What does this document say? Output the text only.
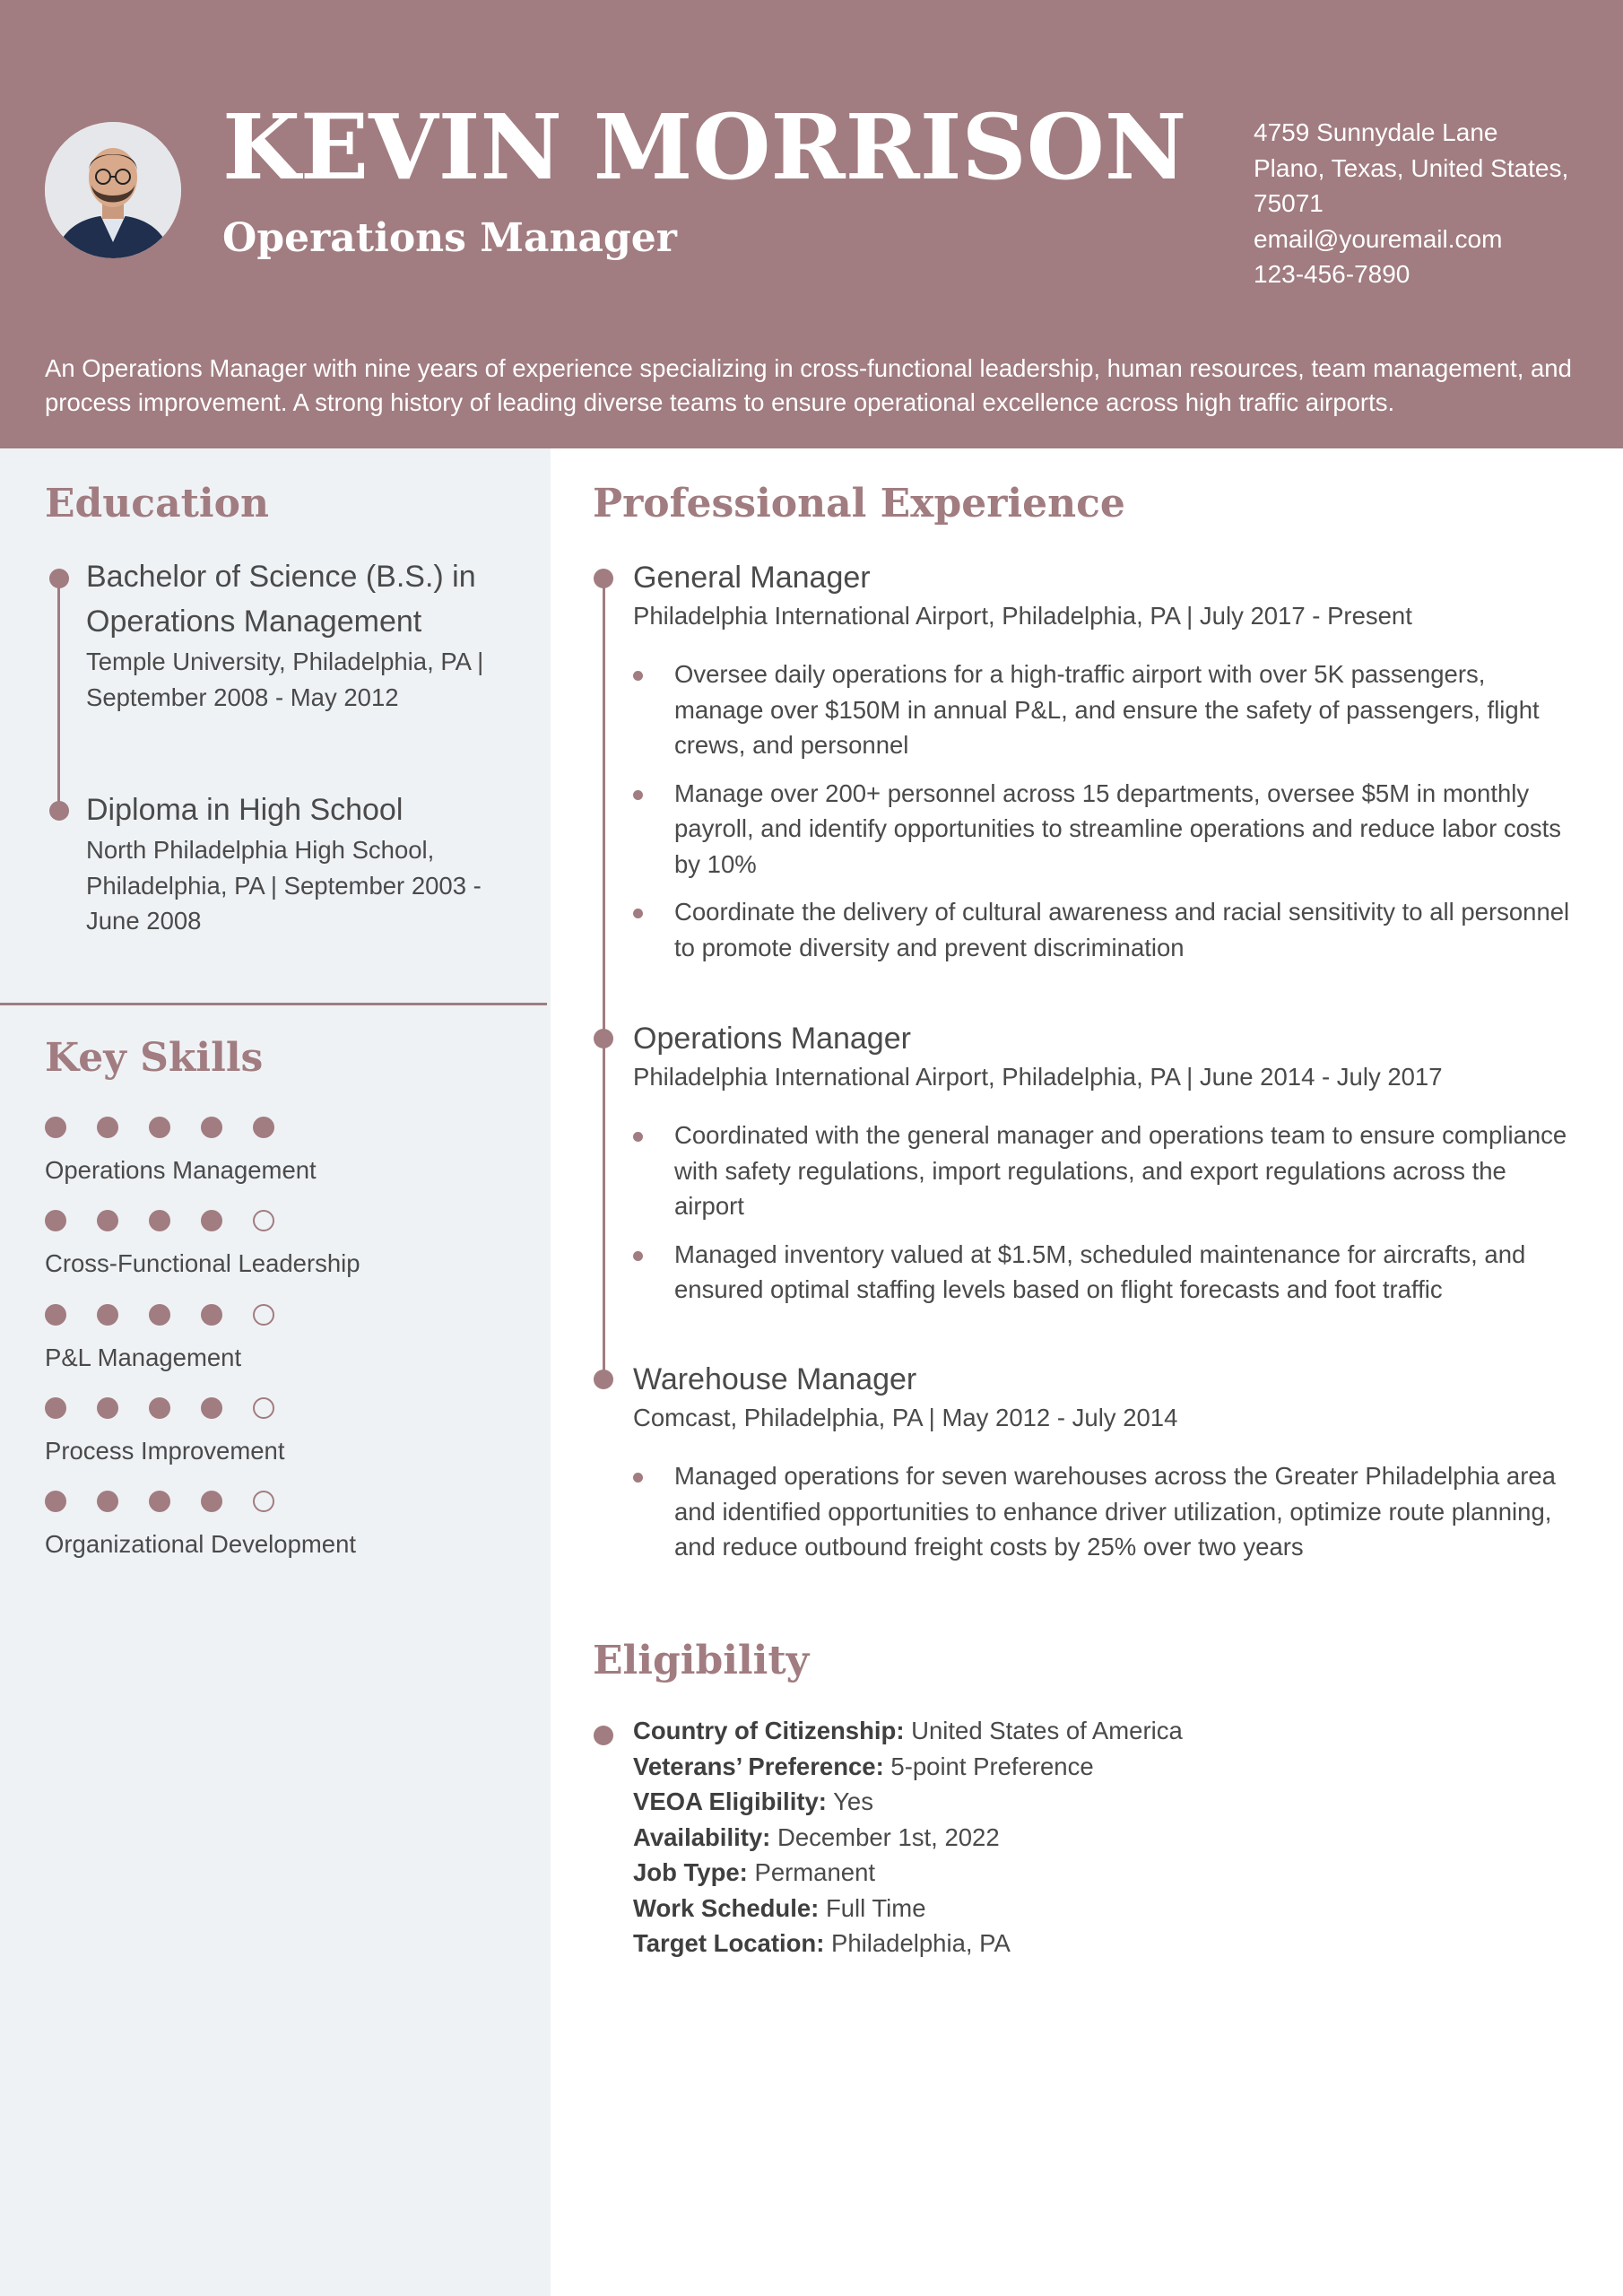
KEVIN MORRISON
Operations Manager
4759 Sunnydale Lane
Plano, Texas, United States,
75071
email@youremail.com
123-456-7890
An Operations Manager with nine years of experience specializing in cross-functional leadership, human resources, team management, and process improvement. A strong history of leading diverse teams to ensure operational excellence across high traffic airports.
Education
Bachelor of Science (B.S.) in Operations Management
Temple University, Philadelphia, PA | September 2008 - May 2012
Diploma in High School
North Philadelphia High School, Philadelphia, PA | September 2003 - June 2008
Key Skills
Operations Management
Cross-Functional Leadership
P&L Management
Process Improvement
Organizational Development
Professional Experience
General Manager
Philadelphia International Airport, Philadelphia, PA | July 2017 - Present
Oversee daily operations for a high-traffic airport with over 5K passengers, manage over $150M in annual P&L, and ensure the safety of passengers, flight crews, and personnel
Manage over 200+ personnel across 15 departments, oversee $5M in monthly payroll, and identify opportunities to streamline operations and reduce labor costs by 10%
Coordinate the delivery of cultural awareness and racial sensitivity to all personnel to promote diversity and prevent discrimination
Operations Manager
Philadelphia International Airport, Philadelphia, PA | June 2014 - July 2017
Coordinated with the general manager and operations team to ensure compliance with safety regulations, import regulations, and export regulations across the airport
Managed inventory valued at $1.5M, scheduled maintenance for aircrafts, and ensured optimal staffing levels based on flight forecasts and foot traffic
Warehouse Manager
Comcast, Philadelphia, PA | May 2012 - July 2014
Managed operations for seven warehouses across the Greater Philadelphia area and identified opportunities to enhance driver utilization, optimize route planning, and reduce outbound freight costs by 25% over two years
Eligibility
Country of Citizenship: United States of America
Veterans’ Preference: 5-point Preference
VEOA Eligibility: Yes
Availability: December 1st, 2022
Job Type: Permanent
Work Schedule: Full Time
Target Location: Philadelphia, PA
